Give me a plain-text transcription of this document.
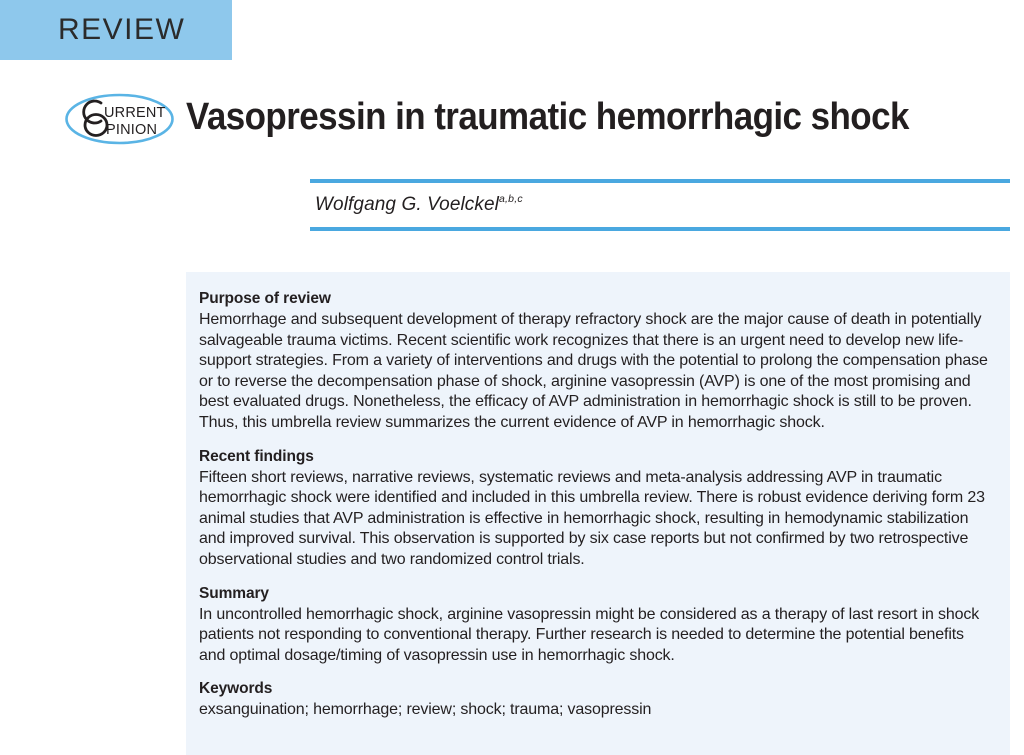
REVIEW
URRENT
PINION Vasopressin in traumatic hemorrhagic shock
Wolfgang G. Voelckel a,b,c
Purpose of review
Hemorrhage and subsequent development of therapy refractory shock are the major cause of death in potentially salvageable trauma victims. Recent scientific work recognizes that there is an urgent need to develop new life-support strategies. From a variety of interventions and drugs with the potential to prolong the compensation phase or to reverse the decompensation phase of shock, arginine vasopressin (AVP) is one of the most promising and best evaluated drugs. Nonetheless, the efficacy of AVP administration in hemorrhagic shock is still to be proven. Thus, this umbrella review summarizes the current evidence of AVP in hemorrhagic shock.
Recent findings
Fifteen short reviews, narrative reviews, systematic reviews and meta-analysis addressing AVP in traumatic hemorrhagic shock were identified and included in this umbrella review. There is robust evidence deriving form 23 animal studies that AVP administration is effective in hemorrhagic shock, resulting in hemodynamic stabilization and improved survival. This observation is supported by six case reports but not confirmed by two retrospective observational studies and two randomized control trials.
Summary
In uncontrolled hemorrhagic shock, arginine vasopressin might be considered as a therapy of last resort in shock patients not responding to conventional therapy. Further research is needed to determine the potential benefits and optimal dosage/timing of vasopressin use in hemorrhagic shock.
Keywords
exsanguination; hemorrhage; review; shock; trauma; vasopressin
